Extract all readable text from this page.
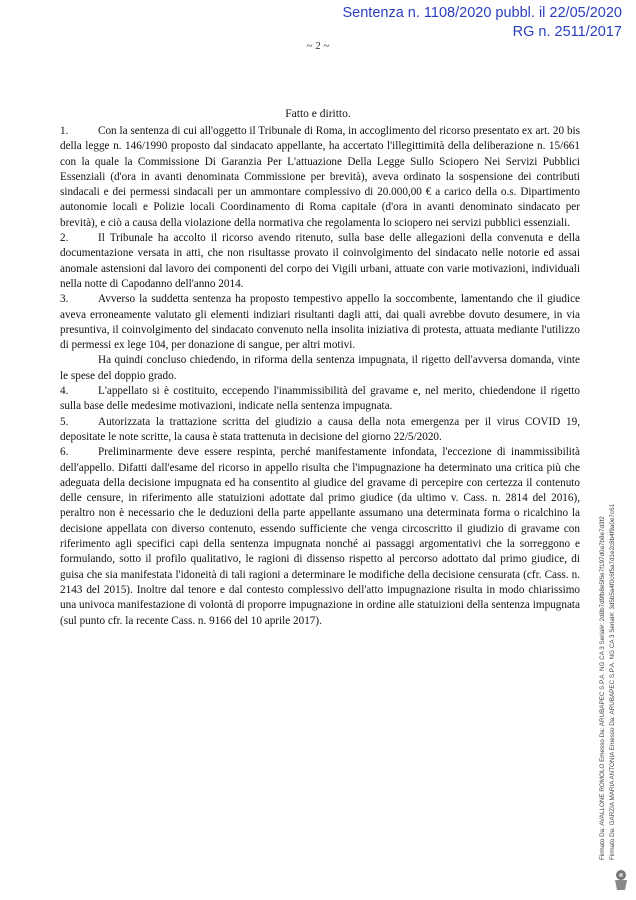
Sentenza n. 1108/2020 pubbl. il 22/05/2020
RG n. 2511/2017
~ 2 ~
Fatto e diritto.

1.	Con la sentenza di cui all'oggetto il Tribunale di Roma, in accoglimento del ricorso presentato ex art. 20 bis della legge n. 146/1990 proposto dal sindacato appellante, ha accertato l'illegittimità della deliberazione n. 15/661 con la quale la Commissione Di Garanzia Per L'attuazione Della Legge Sullo Sciopero Nei Servizi Pubblici Essenziali (d'ora in avanti denominata Commissione per brevità), aveva ordinato la sospensione dei contributi sindacali e dei permessi sindacali per un ammontare complessivo di 20.000,00 € a carico della o.s. Dipartimento autonomie locali e Polizie locali Coordinamento di Roma capitale (d'ora in avanti denominato sindacato per brevità), e ciò a causa della violazione della normativa che regolamenta lo sciopero nei servizi pubblici essenziali.

2.	Il Tribunale ha accolto il ricorso avendo ritenuto, sulla base delle allegazioni della convenuta e della documentazione versata in atti, che non risultasse provato il coinvolgimento del sindacato nelle notorie ed assai anomale astensioni dal lavoro dei componenti del corpo dei Vigili urbani, attuate con varie motivazioni, individuali nella notte di Capodanno dell'anno 2014.

3.	Avverso la suddetta sentenza ha proposto tempestivo appello la soccombente, lamentando che il giudice aveva erroneamente valutato gli elementi indiziari risultanti dagli atti, dai quali avrebbe dovuto desumere, in via presuntiva, il coinvolgimento del sindacato convenuto nella insolita iniziativa di protesta, attuata mediante l'utilizzo di permessi ex lege 104, per donazione di sangue, per altri motivi.

Ha quindi concluso chiedendo, in riforma della sentenza impugnata, il rigetto dell'avversa domanda, vinte le spese del doppio grado.

4.	L'appellato si è costituito, eccependo l'inammissibilità del gravame e, nel merito, chiedendone il rigetto sulla base delle medesime motivazioni, indicate nella sentenza impugnata.

5.	Autorizzata la trattazione scritta del giudizio a causa della nota emergenza per il virus COVID 19, depositate le note scritte, la causa è stata trattenuta in decisione del giorno 22/5/2020.

6.	Preliminarmente deve essere respinta, perché manifestamente infondata, l'eccezione di inammissibilità dell'appello. Difatti dall'esame del ricorso in appello risulta che l'impugnazione ha determinato una critica più che adeguata della decisione impugnata ed ha consentito al giudice del gravame di percepire con certezza il contenuto delle censure, in riferimento alle statuizioni adottate dal primo giudice (da ultimo v. Cass. n. 2814 del 2016), peraltro non è necessario che le deduzioni della parte appellante assumano una determinata forma o ricalchino la decisione appellata con diverso contenuto, essendo sufficiente che venga circoscritto il giudizio di gravame con riferimento agli specifici capi della sentenza impugnata nonché ai passaggi argomentativi che la sorreggono e formulando, sotto il profilo qualitativo, le ragioni di dissenso rispetto al percorso adottato dal primo giudice, di guisa che sia manifestata l'idoneità di tali ragioni a determinare le modifiche della decisione censurata (cfr. Cass. n. 2143 del 2015). Inoltre dal tenore e dal contesto complessivo dell'atto impugnazione risulta in modo chiarissimo una univoca manifestazione di volontà di proporre impugnazione in ordine alle statuizioni della sentenza impugnata (sul punto cfr. la recente Cass. n. 9166 del 10 aprile 2017).	Firmato Da: AVALLONE ROMOLO Emesso Da: ARUBAPEC S.P.A. NG CA 3 Serial#: 2d8b7d9fb8e5f6e7f197d0a7b8e7d3f2 Firmato Da: GARZIA MARIA ANTONIA Emesso Da: ARUBAPEC S.P.A. NG CA 3 Serial#: 3d5b5a4f0c6f5a7d1e2c8b4f9a0e7c61
